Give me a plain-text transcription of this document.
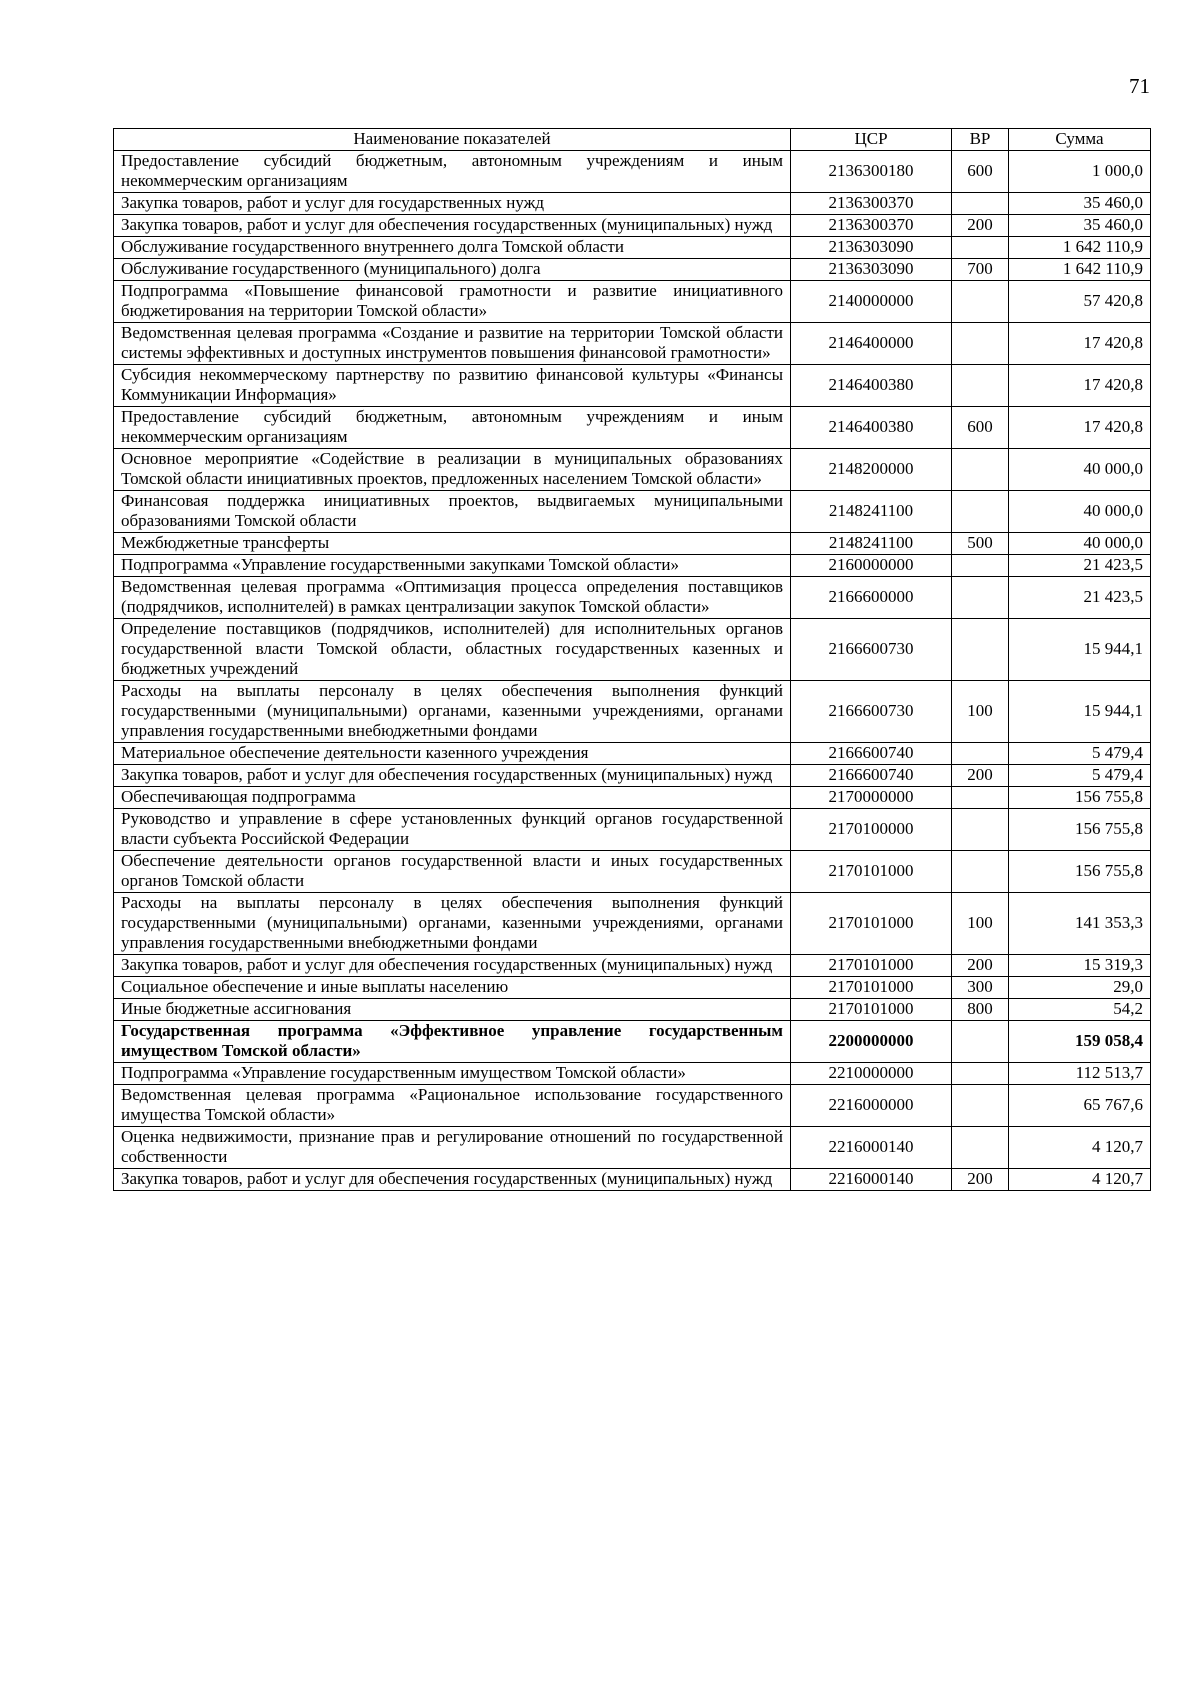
71
Наименование показателей	ЦСР	ВР	Сумма
Предоставление субсидий бюджетным, автономным учреждениям и иным некоммерческим организациям	2136300180	600	1 000,0
Закупка товаров, работ и услуг для государственных нужд	2136300370		35 460,0
Закупка товаров, работ и услуг для обеспечения государственных (муниципальных) нужд	2136300370	200	35 460,0
Обслуживание государственного внутреннего долга Томской области	2136303090		1 642 110,9
Обслуживание государственного (муниципального) долга	2136303090	700	1 642 110,9
Подпрограмма «Повышение финансовой грамотности и развитие инициативного бюджетирования на территории Томской области»	2140000000		57 420,8
Ведомственная целевая программа «Создание и развитие на территории Томской области системы эффективных и доступных инструментов повышения финансовой грамотности»	2146400000		17 420,8
Субсидия некоммерческому партнерству по развитию финансовой культуры «Финансы Коммуникации Информация»	2146400380		17 420,8
Предоставление субсидий бюджетным, автономным учреждениям и иным некоммерческим организациям	2146400380	600	17 420,8
Основное мероприятие «Содействие в реализации в муниципальных образованиях Томской области инициативных проектов, предложенных населением Томской области»	2148200000		40 000,0
Финансовая поддержка инициативных проектов, выдвигаемых муниципальными образованиями Томской области	2148241100		40 000,0
Межбюджетные трансферты	2148241100	500	40 000,0
Подпрограмма «Управление государственными закупками Томской области»	2160000000		21 423,5
Ведомственная целевая программа «Оптимизация процесса определения поставщиков (подрядчиков, исполнителей) в рамках централизации закупок Томской области»	2166600000		21 423,5
Определение поставщиков (подрядчиков, исполнителей) для исполнительных органов государственной власти Томской области, областных государственных казенных и бюджетных учреждений	2166600730		15 944,1
Расходы на выплаты персоналу в целях обеспечения выполнения функций государственными (муниципальными) органами, казенными учреждениями, органами управления государственными внебюджетными фондами	2166600730	100	15 944,1
Материальное обеспечение деятельности казенного учреждения	2166600740		5 479,4
Закупка товаров, работ и услуг для обеспечения государственных (муниципальных) нужд	2166600740	200	5 479,4
Обеспечивающая подпрограмма	2170000000		156 755,8
Руководство и управление в сфере установленных функций органов государственной власти субъекта Российской Федерации	2170100000		156 755,8
Обеспечение деятельности органов государственной власти и иных государственных органов Томской области	2170101000		156 755,8
Расходы на выплаты персоналу в целях обеспечения выполнения функций государственными (муниципальными) органами, казенными учреждениями, органами управления государственными внебюджетными фондами	2170101000	100	141 353,3
Закупка товаров, работ и услуг для обеспечения государственных (муниципальных) нужд	2170101000	200	15 319,3
Социальное обеспечение и иные выплаты населению	2170101000	300	29,0
Иные бюджетные ассигнования	2170101000	800	54,2
Государственная программа «Эффективное управление государственным имуществом Томской области»	2200000000		159 058,4
Подпрограмма «Управление государственным имуществом Томской области»	2210000000		112 513,7
Ведомственная целевая программа «Рациональное использование государственного имущества Томской области»	2216000000		65 767,6
Оценка недвижимости, признание прав и регулирование отношений по государственной собственности	2216000140		4 120,7
Закупка товаров, работ и услуг для обеспечения государственных (муниципальных) нужд	2216000140	200	4 120,7
